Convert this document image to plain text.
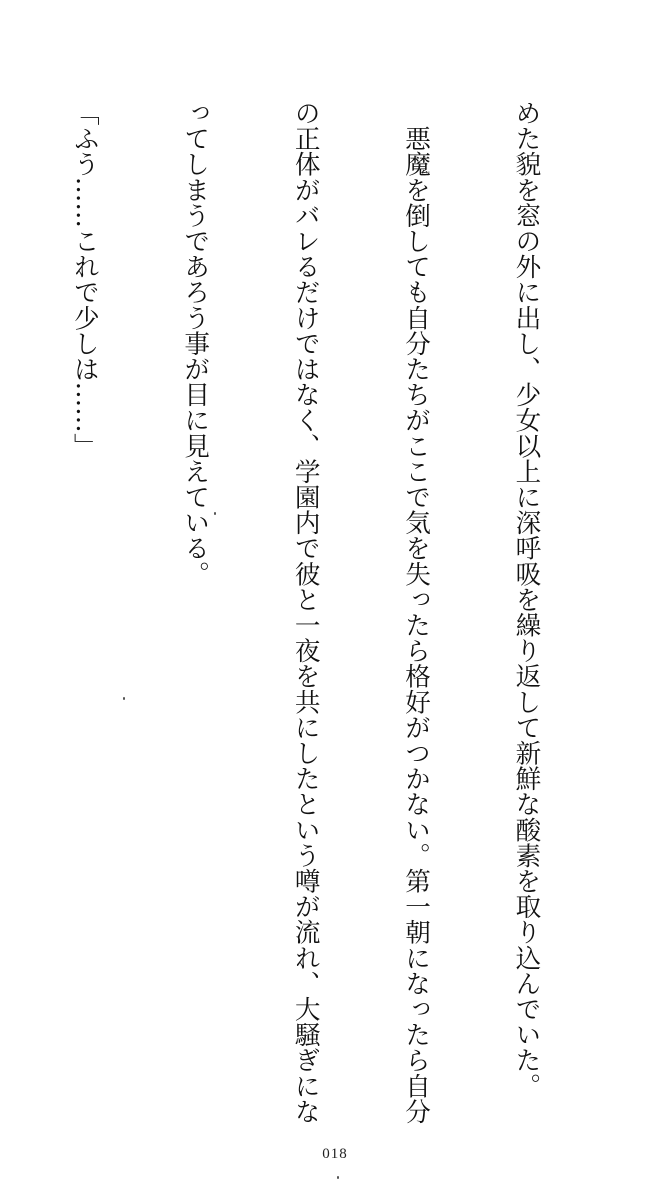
めた貌を窓の外に出し、少女以上に深呼吸を繰り返して新鮮な酸素を取り込んでいた。

　悪魔を倒しても自分たちがここで気を失ったら格好がつかない。第一朝になったら自分

の正体がバレるだけではなく、学園内で彼と一夜を共にしたという噂が流れ、大騒ぎにな

ってしまうであろう事が目に見えている。

「ふう……これで少しは……」

018
